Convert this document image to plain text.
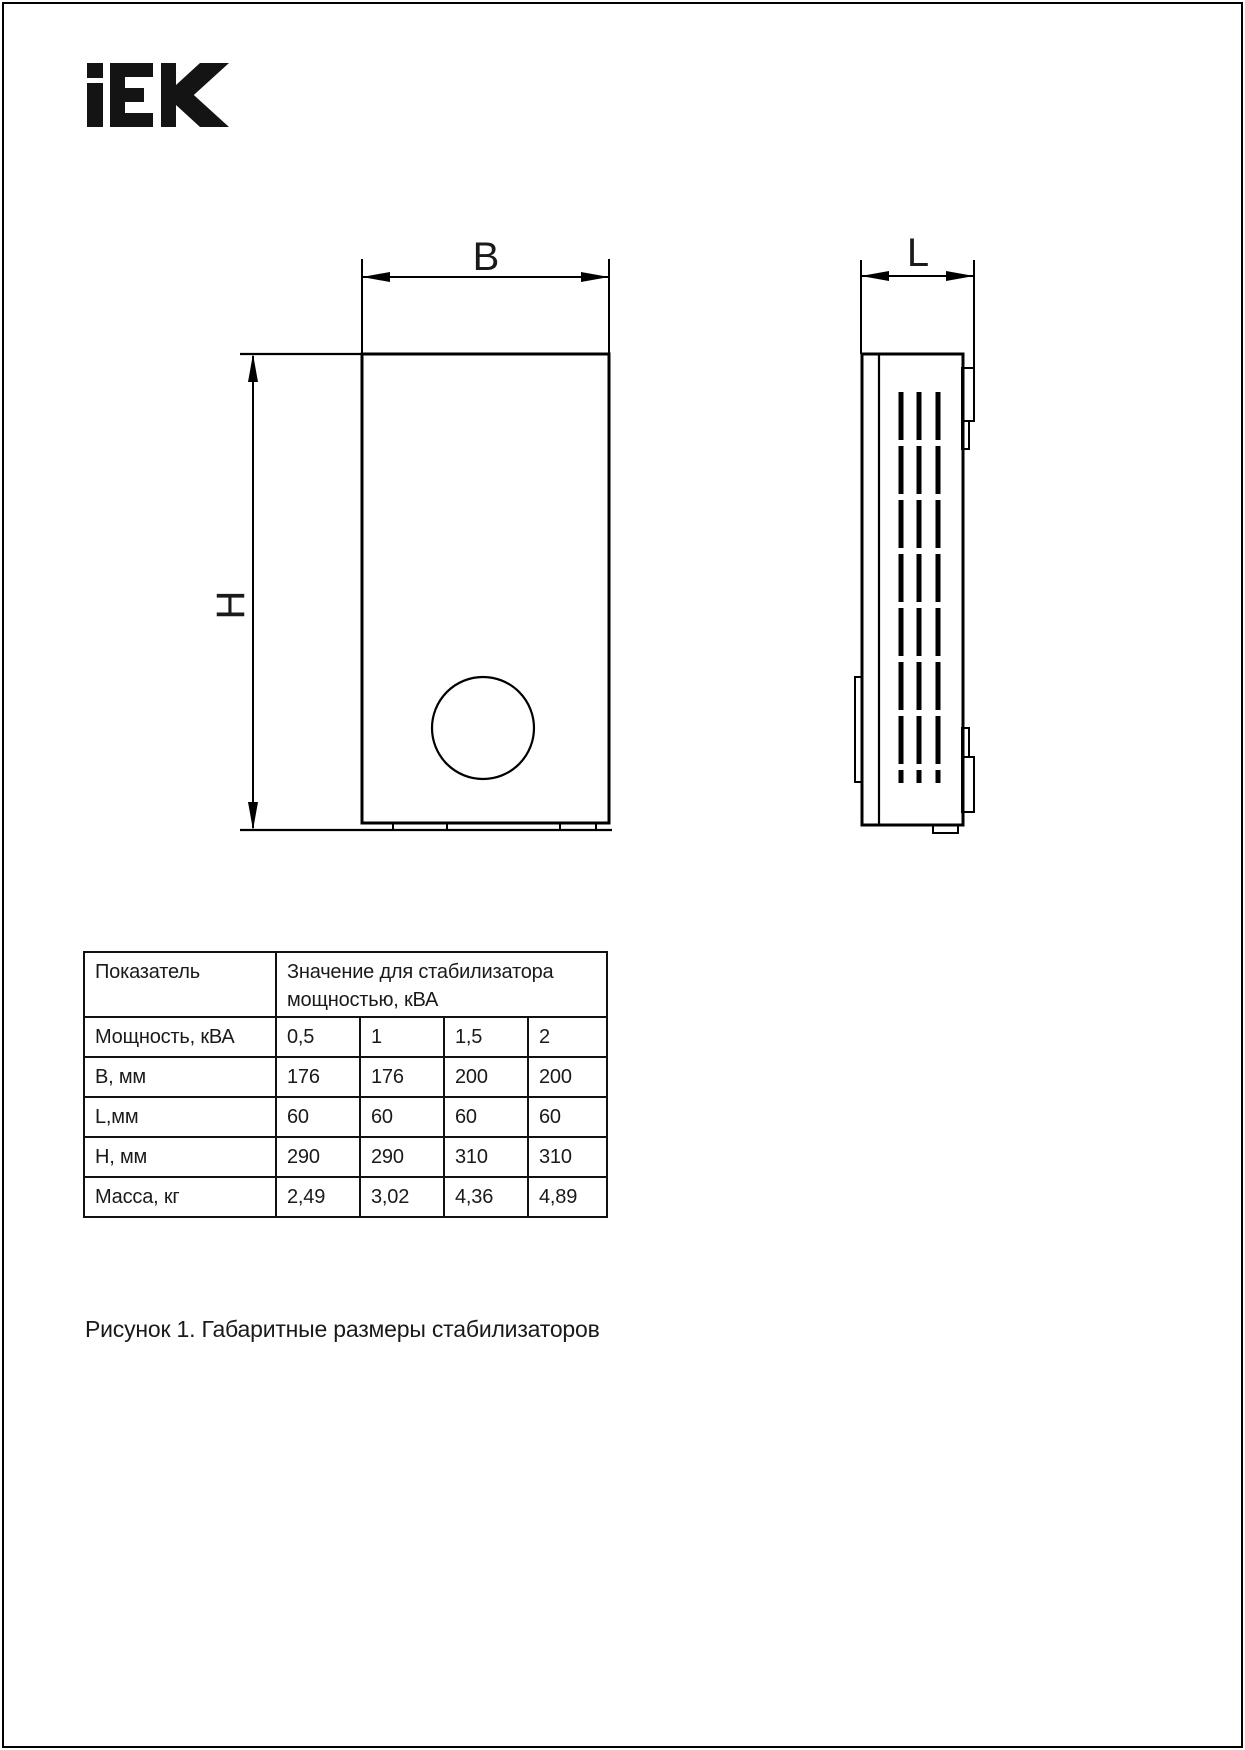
B
H
L
Показатель	Значение для стабилизатора мощностью, кВА			
Мощность, кВА	0,5	1	1,5	2
B, мм	176	176	200	200
L,мм	60	60	60	60
H, мм	290	290	310	310
Масса, кг	2,49	3,02	4,36	4,89
Рисунок 1. Габаритные размеры стабилизаторов
